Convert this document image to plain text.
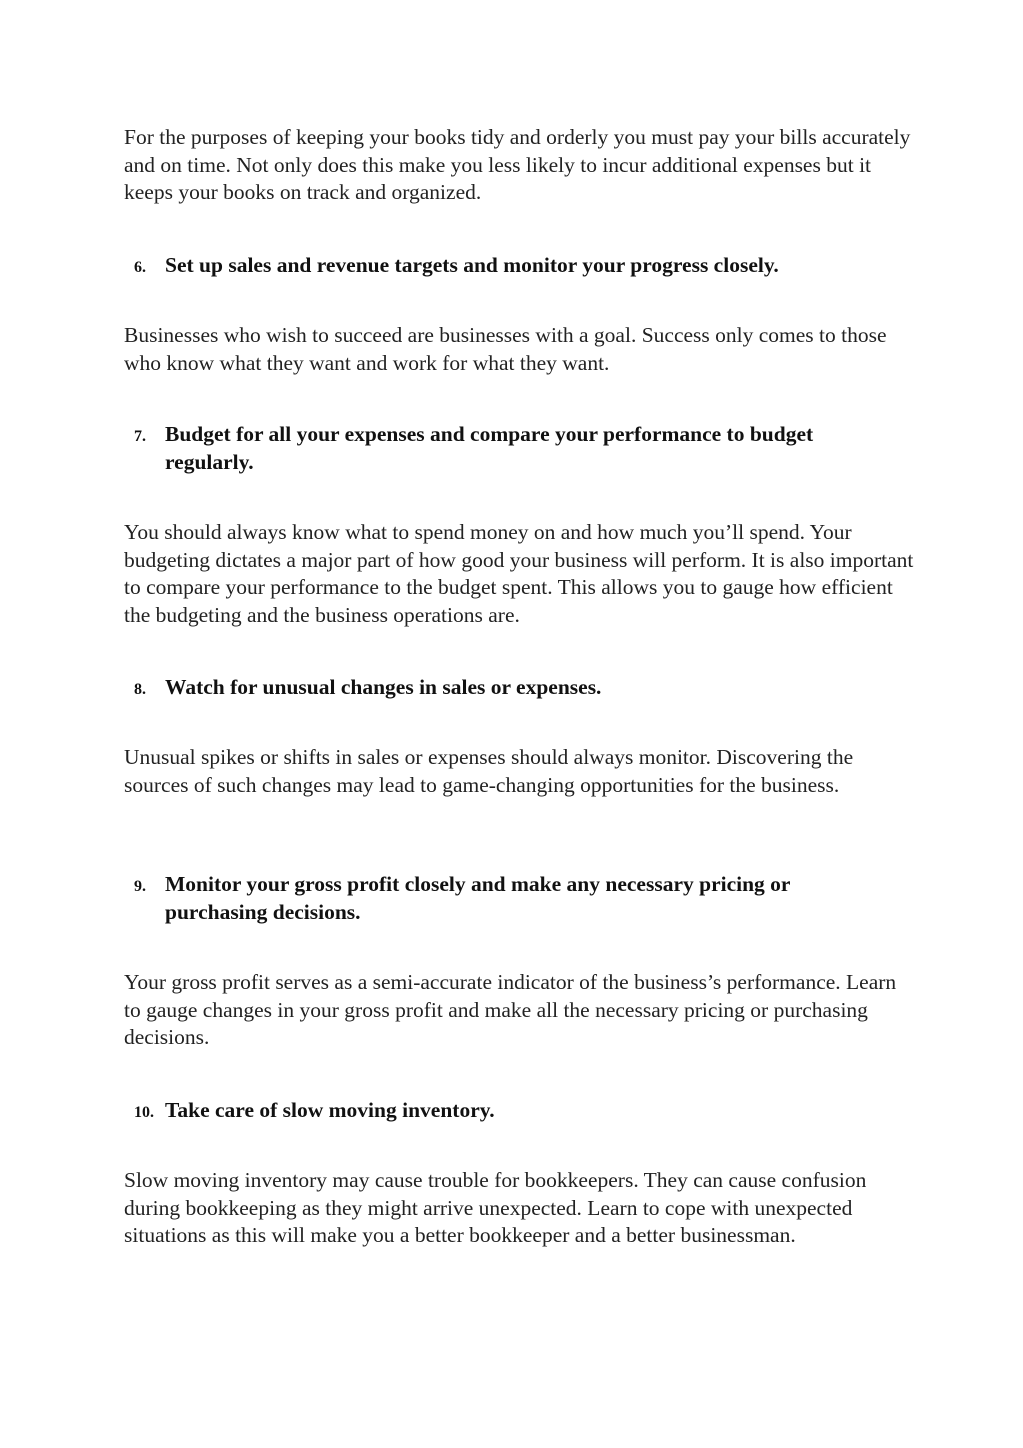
For the purposes of keeping your books tidy and orderly you must pay your bills accurately and on time. Not only does this make you less likely to incur additional expenses but it keeps your books on track and organized.

6. Set up sales and revenue targets and monitor your progress closely.

Businesses who wish to succeed are businesses with a goal. Success only comes to those who know what they want and work for what they want.

7. Budget for all your expenses and compare your performance to budget regularly.

You should always know what to spend money on and how much you’ll spend. Your budgeting dictates a major part of how good your business will perform. It is also important to compare your performance to the budget spent. This allows you to gauge how efficient the budgeting and the business operations are.

8. Watch for unusual changes in sales or expenses.

Unusual spikes or shifts in sales or expenses should always monitor. Discovering the sources of such changes may lead to game-changing opportunities for the business.

9. Monitor your gross profit closely and make any necessary pricing or purchasing decisions.

Your gross profit serves as a semi-accurate indicator of the business’s performance. Learn to gauge changes in your gross profit and make all the necessary pricing or purchasing decisions.

10. Take care of slow moving inventory.

Slow moving inventory may cause trouble for bookkeepers. They can cause confusion during bookkeeping as they might arrive unexpected. Learn to cope with unexpected situations as this will make you a better bookkeeper and a better businessman.
